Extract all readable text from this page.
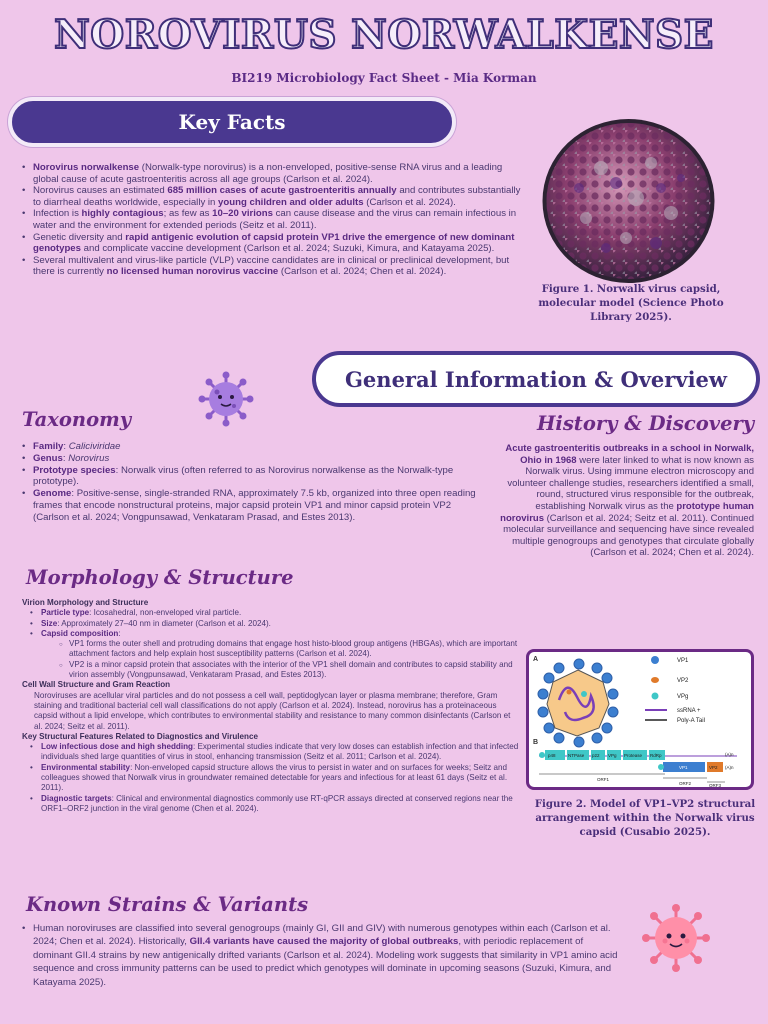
NOROVIRUS NORWALKENSE
BI219 Microbiology Fact Sheet - Mia Korman
Key Facts
• Norovirus norwalkense (Norwalk-type norovirus) is a non-enveloped, positive-sense RNA virus and a leading global cause of acute gastroenteritis across all age groups (Carlson et al. 2024).
• Norovirus causes an estimated 685 million cases of acute gastroenteritis annually and contributes substantially to diarrheal deaths worldwide, especially in young children and older adults (Carlson et al. 2024).
• Infection is highly contagious; as few as 10–20 virions can cause disease and the virus can remain infectious in water and the environment for extended periods (Seitz et al. 2011).
• Genetic diversity and rapid antigenic evolution of capsid protein VP1 drive the emergence of new dominant genotypes and complicate vaccine development (Carlson et al. 2024; Suzuki, Kimura, and Katayama 2025).
• Several multivalent and virus-like particle (VLP) vaccine candidates are in clinical or preclinical development, but there is currently no licensed human norovirus vaccine (Carlson et al. 2024; Chen et al. 2024).
Figure 1. Norwalk virus capsid, molecular model (Science Photo Library 2025).
General Information & Overview
Taxonomy
• Family: Caliciviridae
• Genus: Norovirus
• Prototype species: Norwalk virus (often referred to as Norovirus norwalkense as the Norwalk-type prototype).
• Genome: Positive-sense, single-stranded RNA, approximately 7.5 kb, organized into three open reading frames that encode nonstructural proteins, major capsid protein VP1 and minor capsid protein VP2 (Carlson et al. 2024; Vongpunsawad, Venkataram Prasad, and Estes 2013).
History & Discovery
Acute gastroenteritis outbreaks in a school in Norwalk, Ohio in 1968 were later linked to what is now known as Norwalk virus. Using immune electron microscopy and volunteer challenge studies, researchers identified a small, round, structured virus responsible for the outbreak, establishing Norwalk virus as the prototype human norovirus (Carlson et al. 2024; Seitz et al. 2011). Continued molecular surveillance and sequencing have since revealed multiple genogroups and genotypes that circulate globally (Carlson et al. 2024; Chen et al. 2024).
Morphology & Structure
Virion Morphology and Structure
• Particle type: Icosahedral, non-enveloped viral particle.
• Size: Approximately 27–40 nm in diameter (Carlson et al. 2024).
• Capsid composition:
○ VP1 forms the outer shell and protruding domains that engage host histo-blood group antigens (HBGAs), which are important attachment factors and help explain host susceptibility patterns (Carlson et al. 2024).
○ VP2 is a minor capsid protein that associates with the interior of the VP1 shell domain and contributes to capsid stability and virion assembly (Vongpunsawad, Venkataram Prasad, and Estes 2013).
Cell Wall Structure and Gram Reaction
Noroviruses are acellular viral particles and do not possess a cell wall, peptidoglycan layer or plasma membrane; therefore, Gram staining and traditional bacterial cell wall classifications do not apply (Carlson et al. 2024). Instead, norovirus has a proteinaceous capsid without a lipid envelope, which contributes to environmental stability and resistance to many common disinfectants (Carlson et al. 2024; Seitz et al. 2011).
Key Structural Features Related to Diagnostics and Virulence
• Low infectious dose and high shedding: Experimental studies indicate that very low doses can establish infection and that infected individuals shed large quantities of virus in stool, enhancing transmission (Seitz et al. 2011; Carlson et al. 2024).
• Environmental stability: Non-enveloped capsid structure allows the virus to persist in water and on surfaces for weeks; Seitz and colleagues showed that Norwalk virus in groundwater remained detectable for years and infectious for at least 61 days (Seitz et al. 2011).
• Diagnostic targets: Clinical and environmental diagnostics commonly use RT-qPCR assays directed at conserved regions near the ORF1–ORF2 junction in the viral genome (Chen et al. 2024).
A	VP1
VP2
VPg
ssRNA +
Poly-A Tail
B
p48	NTPase p22 VPg Protease RdRp
VP1	VP2
ORF1
ORF2	ORF3
(A)n
(A)n
Figure 2. Model of VP1–VP2 structural arrangement within the Norwalk virus capsid (Cusabio 2025).
Known Strains & Variants
• Human noroviruses are classified into several genogroups (mainly GI, GII and GIV) with numerous genotypes within each (Carlson et al. 2024; Chen et al. 2024). Historically, GII.4 variants have caused the majority of global outbreaks, with periodic replacement of dominant GII.4 strains by new antigenically drifted variants (Carlson et al. 2024). Modeling work suggests that similarity in VP1 amino acid sequence and cross immunity patterns can be used to predict which genotypes will dominate in upcoming seasons (Suzuki, Kimura, and Katayama 2025).
